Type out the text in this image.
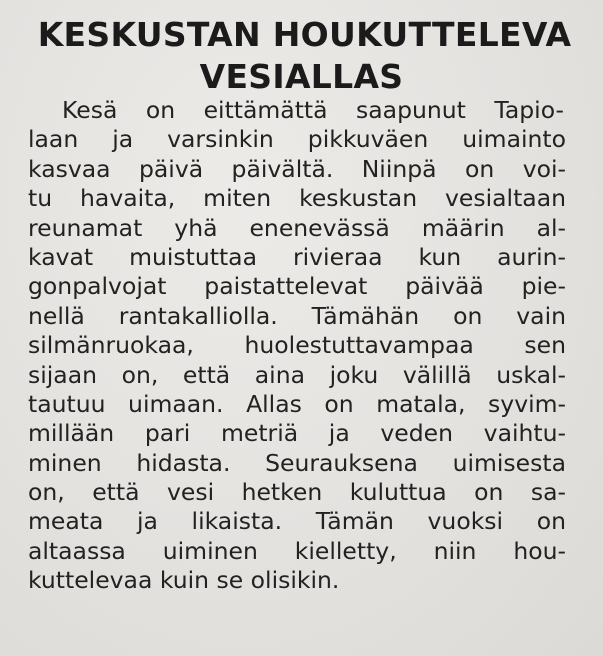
KESKUSTAN HOUKUTTELEVA
VESIALLAS
Kesä on eittämättä saapunut Tapio-
laan ja varsinkin pikkuväen uimainto
kasvaa päivä päivältä. Niinpä on voi-
tu havaita, miten keskustan vesialtaan
reunamat yhä enenevässä määrin al-
kavat muistuttaa rivieraa kun aurin-
gonpalvojat paistattelevat päivää pie-
nellä rantakalliolla. Tämähän on vain
silmänruokaa, huolestuttavampaa sen
sijaan on, että aina joku välillä uskal-
tautuu uimaan. Allas on matala, syvim-
millään pari metriä ja veden vaihtu-
minen hidasta. Seurauksena uimisesta
on, että vesi hetken kuluttua on sa-
meata ja likaista. Tämän vuoksi on
altaassa uiminen kielletty, niin hou-
kuttelevaa kuin se olisikin.
